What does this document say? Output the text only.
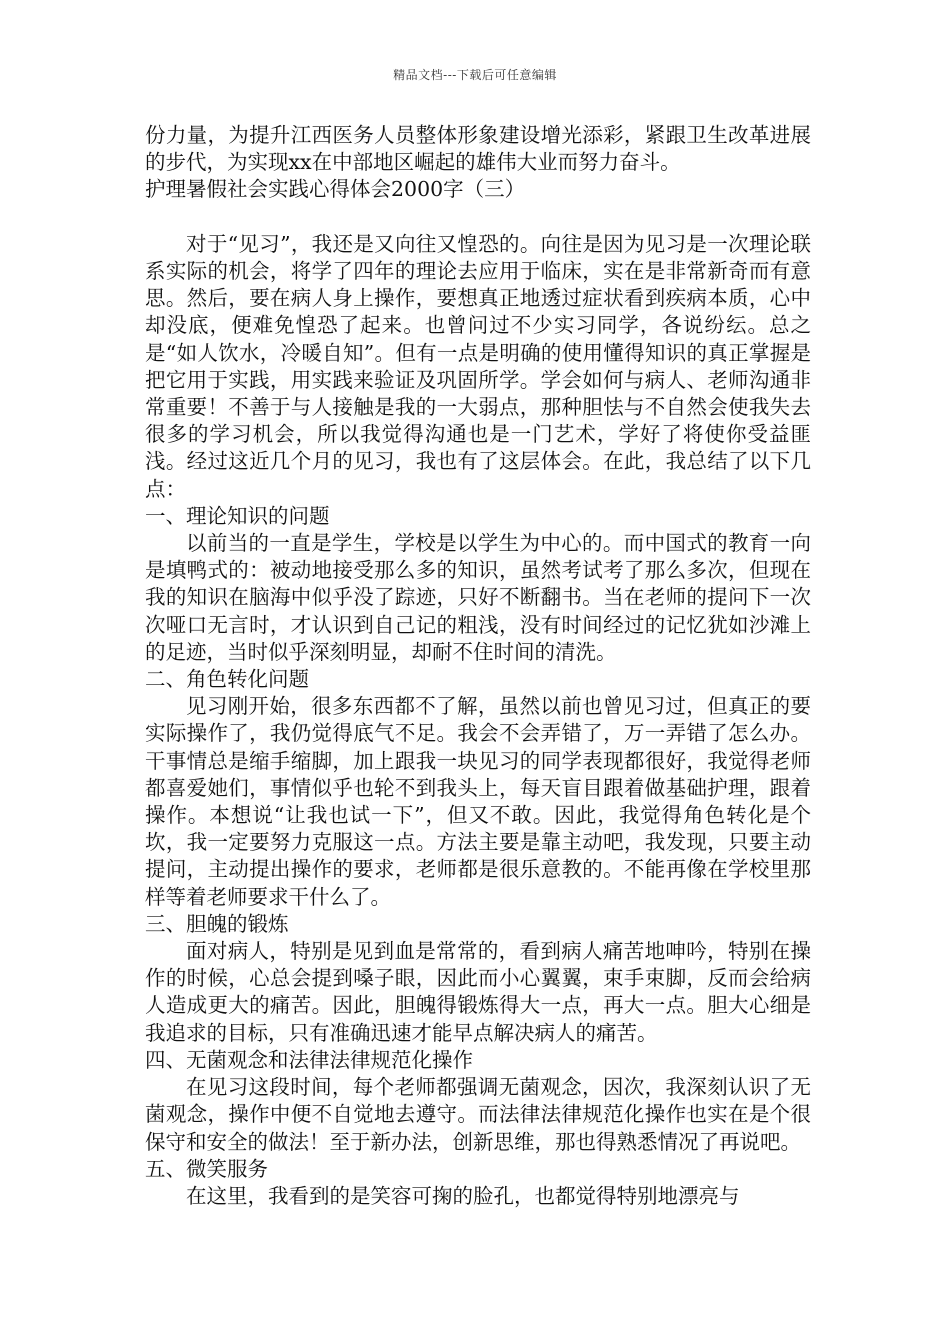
精品文档---下载后可任意编辑

份力量，为提升江西医务人员整体形象建设增光添彩，紧跟卫生改革进展的步代，为实现xx在中部地区崛起的雄伟大业而努力奋斗。

护理暑假社会实践心得体会2000字（三）

对于“见习”，我还是又向往又惶恐的。向往是因为见习是一次理论联系实际的机会，将学了四年的理论去应用于临床，实在是非常新奇而有意思。然后，要在病人身上操作，要想真正地透过症状看到疾病本质，心中却没底，便难免惶恐了起来。也曾问过不少实习同学，各说纷纭。总之是“如人饮水，冷暖自知”。但有一点是明确的使用懂得知识的真正掌握是把它用于实践，用实践来验证及巩固所学。学会如何与病人、老师沟通非常重要！不善于与人接触是我的一大弱点，那种胆怯与不自然会使我失去很多的学习机会，所以我觉得沟通也是一门艺术，学好了将使你受益匪浅。经过这近几个月的见习，我也有了这层体会。在此，我总结了以下几点：

一、理论知识的问题

以前当的一直是学生，学校是以学生为中心的。而中国式的教育一向是填鸭式的：被动地接受那么多的知识，虽然考试考了那么多次，但现在我的知识在脑海中似乎没了踪迹，只好不断翻书。当在老师的提问下一次次哑口无言时，才认识到自己记的粗浅，没有时间经过的记忆犹如沙滩上的足迹，当时似乎深刻明显，却耐不住时间的清洗。

二、角色转化问题

见习刚开始，很多东西都不了解，虽然以前也曾见习过，但真正的要实际操作了，我仍觉得底气不足。我会不会弄错了，万一弄错了怎么办。干事情总是缩手缩脚，加上跟我一块见习的同学表现都很好，我觉得老师都喜爱她们，事情似乎也轮不到我头上，每天盲目跟着做基础护理，跟着操作。本想说“让我也试一下”，但又不敢。因此，我觉得角色转化是个坎，我一定要努力克服这一点。方法主要是靠主动吧，我发现，只要主动提问，主动提出操作的要求，老师都是很乐意教的。不能再像在学校里那样等着老师要求干什么了。

三、胆魄的锻炼

面对病人，特别是见到血是常常的，看到病人痛苦地呻吟，特别在操作的时候，心总会提到嗓子眼，因此而小心翼翼，束手束脚，反而会给病人造成更大的痛苦。因此，胆魄得锻炼得大一点，再大一点。胆大心细是我追求的目标，只有准确迅速才能早点解决病人的痛苦。

四、无菌观念和法律法律规范化操作

在见习这段时间，每个老师都强调无菌观念，因次，我深刻认识了无菌观念，操作中便不自觉地去遵守。而法律法律规范化操作也实在是个很保守和安全的做法！至于新办法，创新思维，那也得熟悉情况了再说吧。

五、微笑服务

在这里，我看到的是笑容可掬的脸孔，也都觉得特别地漂亮与
